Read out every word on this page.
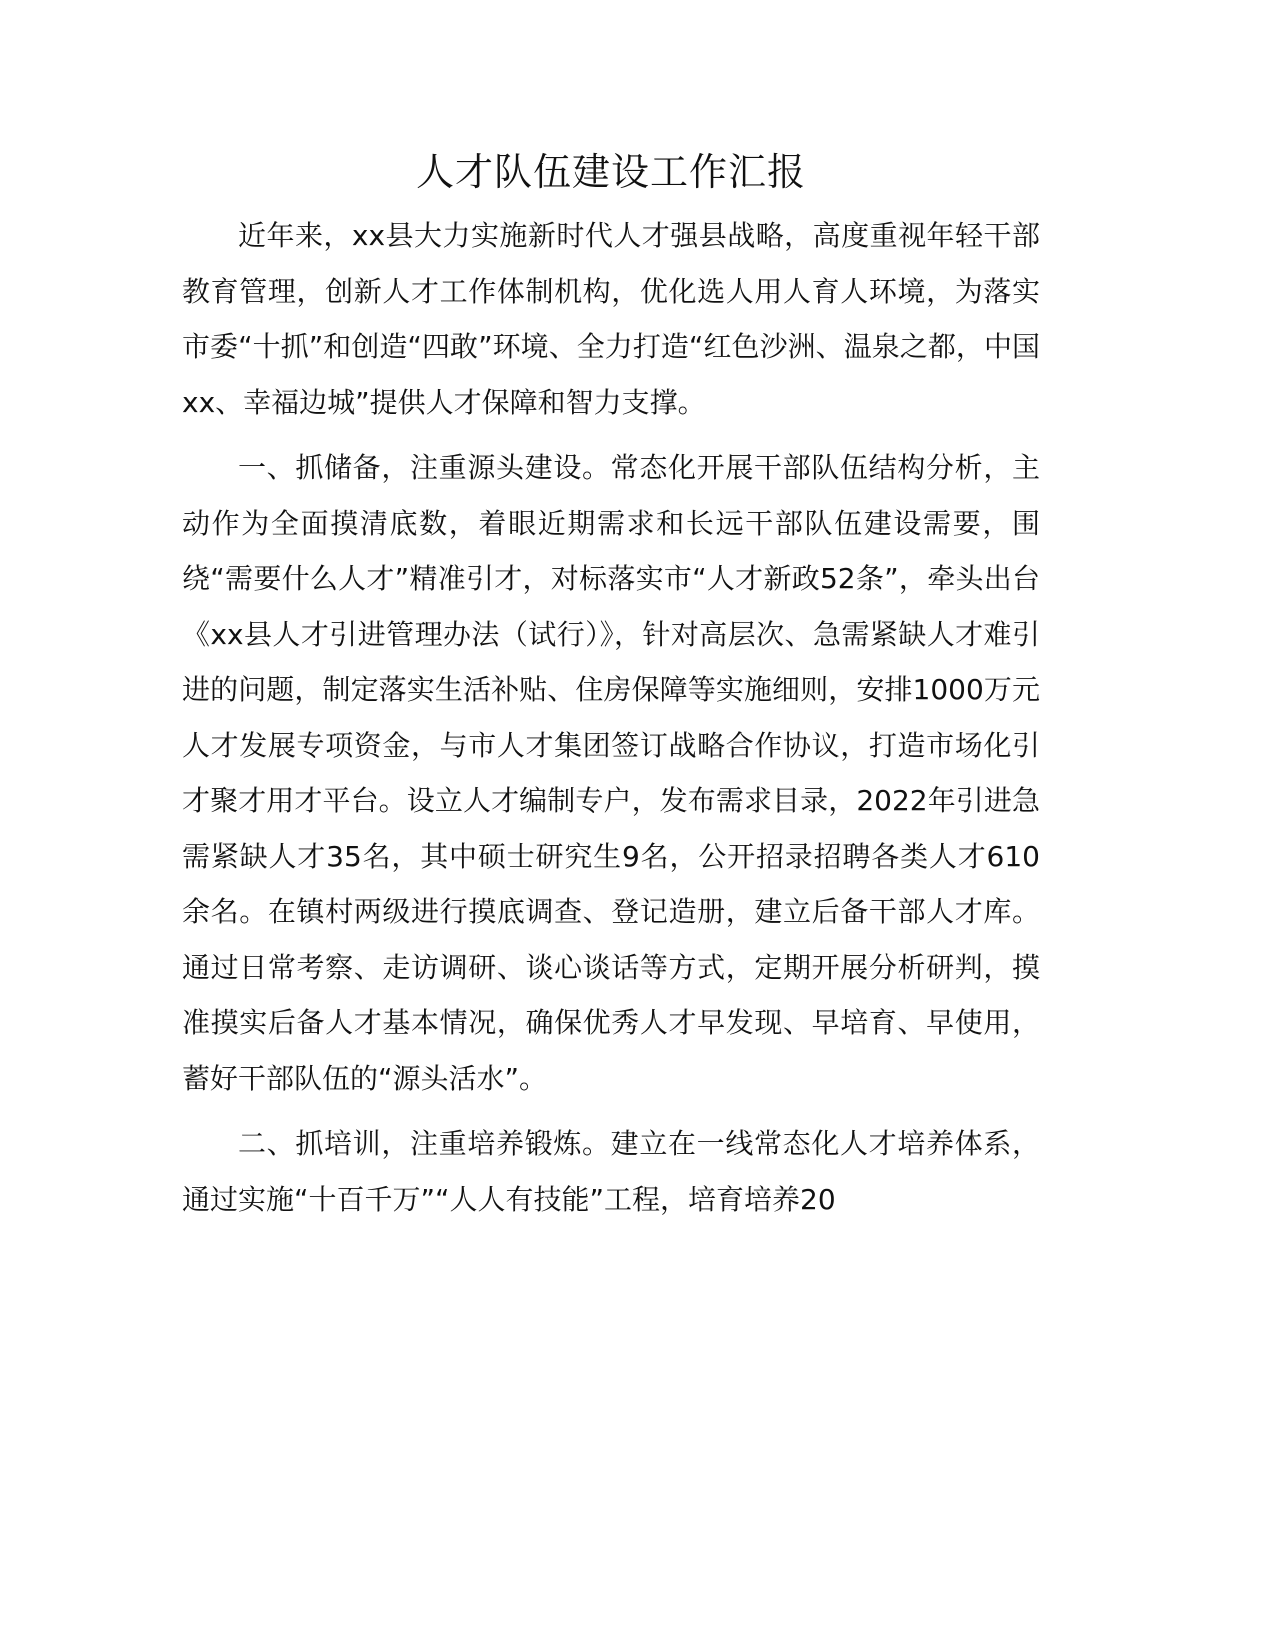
人才队伍建设工作汇报

近年来，xx县大力实施新时代人才强县战略，高度重视年轻干部教育管理，创新人才工作体制机构，优化选人用人育人环境，为落实市委“十抓”和创造“四敢”环境、全力打造“红色沙洲、温泉之都，中国xx、幸福边城”提供人才保障和智力支撑。

一、抓储备，注重源头建设。常态化开展干部队伍结构分析，主动作为全面摸清底数，着眼近期需求和长远干部队伍建设需要，围绕“需要什么人才”精准引才，对标落实市“人才新政52条”，牵头出台《xx县人才引进管理办法（试行）》，针对高层次、急需紧缺人才难引进的问题，制定落实生活补贴、住房保障等实施细则，安排1000万元人才发展专项资金，与市人才集团签订战略合作协议，打造市场化引才聚才用才平台。设立人才编制专户，发布需求目录，2022年引进急需紧缺人才35名，其中硕士研究生9名，公开招录招聘各类人才610余名。在镇村两级进行摸底调查、登记造册，建立后备干部人才库。通过日常考察、走访调研、谈心谈话等方式，定期开展分析研判，摸准摸实后备人才基本情况，确保优秀人才早发现、早培育、早使用，蓄好干部队伍的“源头活水”。

二、抓培训，注重培养锻炼。建立在一线常态化人才培养体系，通过实施“十百千万”“人人有技能”工程，培育培养20
